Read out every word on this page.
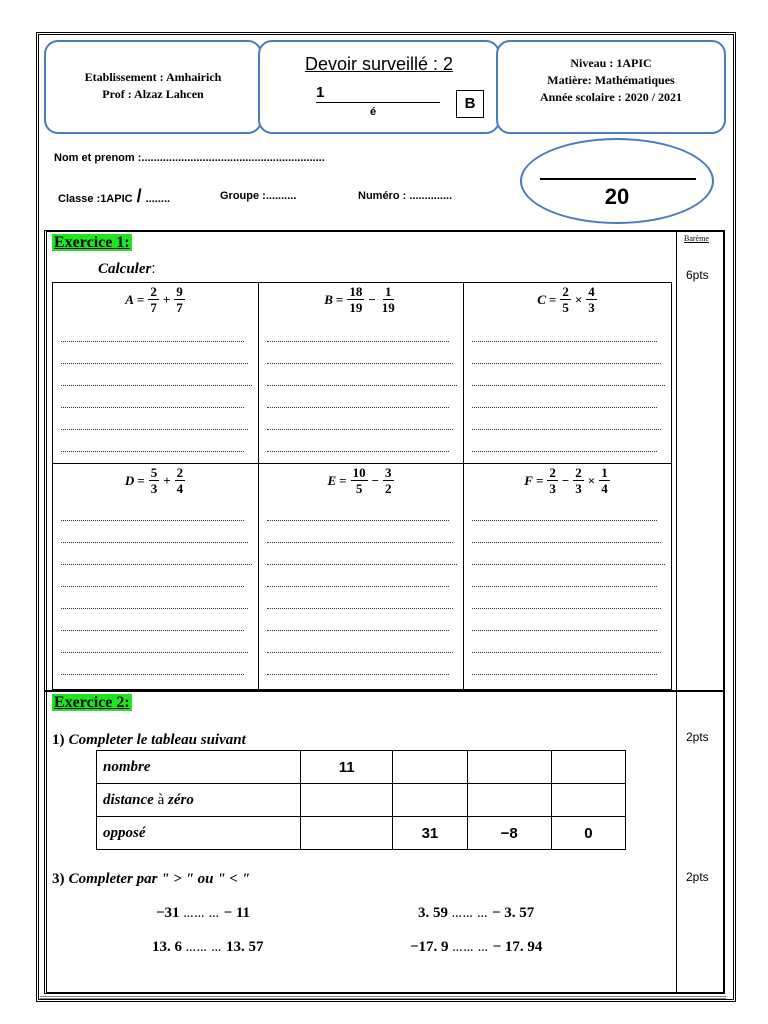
Etablissement : Amhairich
Prof : Alzaz Lahcen
Devoir surveillé : 2
1
é	B
Niveau : 1APIC
Matière: Mathématiques
Année scolaire : 2020 / 2021
Nom et prenom :............................................................
Classe :1APIC / ........	Groupe :..........	Numéro : ..............	20
Barème
6pts
2pts
2pts
Exercice 1:
Calculer:
$A = \frac{2}{7} + \frac{9}{7}$	$B = \frac{18}{19} - \frac{1}{19}$	$C = \frac{2}{5} \times \frac{4}{3}$
$D = \frac{5}{3} + \frac{2}{4}$	$E = \frac{10}{5} - \frac{3}{2}$	$F = \frac{2}{3} - \frac{2}{3} \times \frac{1}{4}$
Exercice 2:
1) Completer le tableau suivant
nombre	11			
distance à zéro				
opposé		31	−8	0
3) Completer par " > " ou " < "
−31 …… … − 11	3. 59 …… … − 3. 57
13. 6 …… … 13. 57	−17. 9 …… … − 17. 94
